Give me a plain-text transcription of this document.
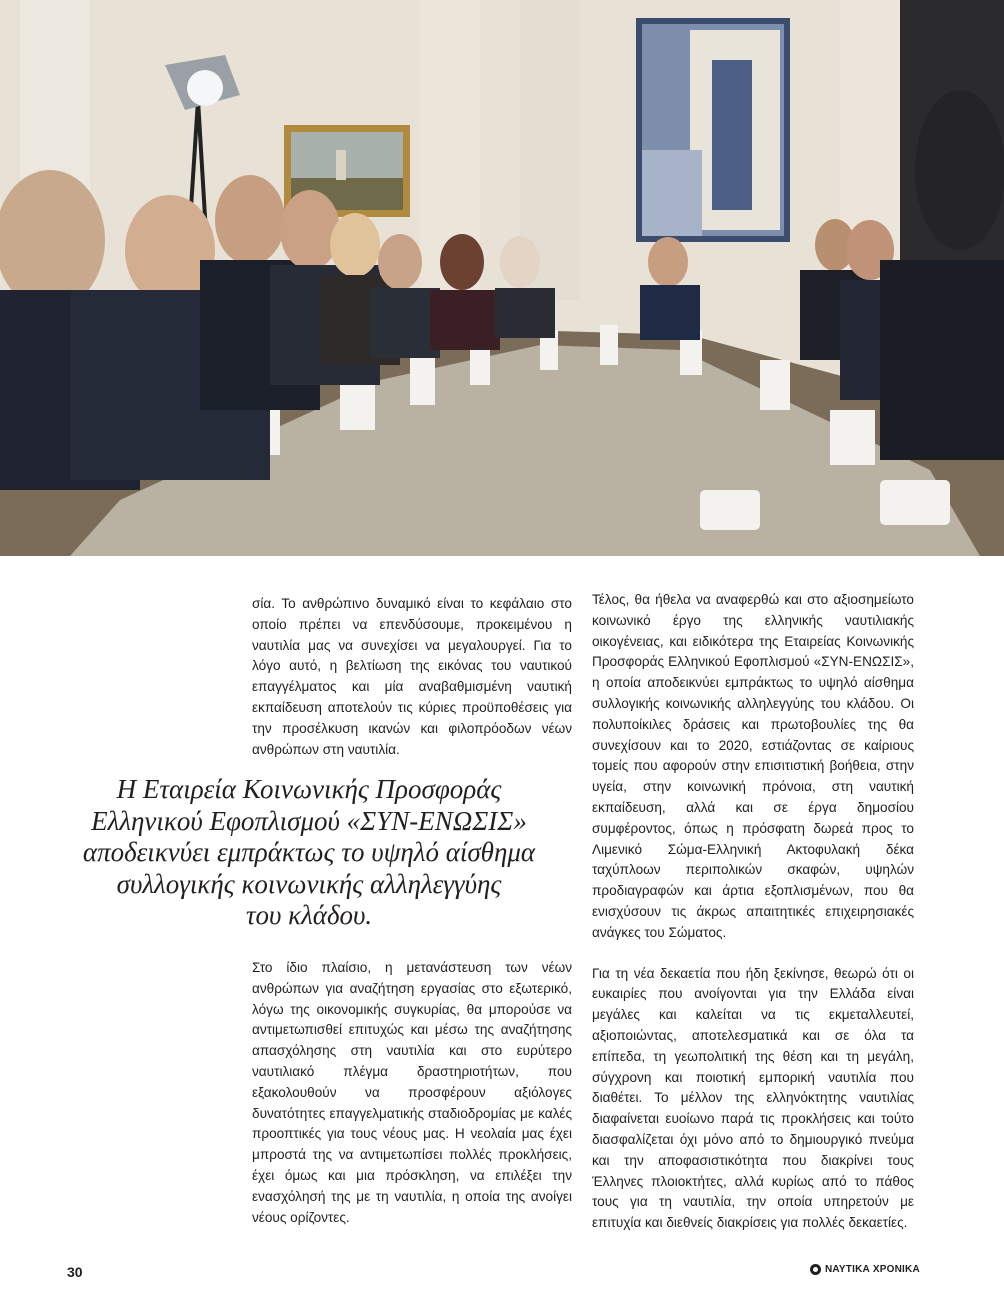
σία. Το ανθρώπινο δυναμικό είναι το κεφάλαιο στο οποίο πρέπει να επενδύσουμε, προκειμένου η ναυτιλία μας να συνεχίσει να μεγαλουργεί. Για το λόγο αυτό, η βελτίωση της εικόνας του ναυτικού επαγγέλματος και μία αναβαθμισμένη ναυτική εκπαίδευση αποτελούν τις κύριες προϋποθέσεις για την προσέλκυση ικανών και φιλοπρόοδων νέων ανθρώπων στη ναυτιλία.

Η Εταιρεία Κοινωνικής Προσφοράς
Ελληνικού Εφοπλισμού «ΣΥΝ-ΕΝΩΣΙΣ»
αποδεικνύει εμπράκτως το υψηλό αίσθημα
συλλογικής κοινωνικής αλληλεγγύης
του κλάδου.

Στο ίδιο πλαίσιο, η μετανάστευση των νέων ανθρώπων για αναζήτηση εργασίας στο εξωτερικό, λόγω της οικονομικής συγκυρίας, θα μπορούσε να αντιμετωπισθεί επιτυχώς και μέσω της αναζήτησης απασχόλησης στη ναυτιλία και στο ευρύτερο ναυτιλιακό πλέγμα δραστηριοτήτων, που εξακολουθούν να προσφέρουν αξιόλογες δυνατότητες επαγγελματικής σταδιοδρομίας με καλές προοπτικές για τους νέους μας. Η νεολαία μας έχει μπροστά της να αντιμετωπίσει πολλές προκλήσεις, έχει όμως και μια πρόσκληση, να επιλέξει την ενασχόλησή της με τη ναυτιλία, η οποία της ανοίγει νέους ορίζοντες.

Τέλος, θα ήθελα να αναφερθώ και στο αξιοσημείωτο κοινωνικό έργο της ελληνικής ναυτιλιακής οικογένειας, και ειδικότερα της Εταιρείας Κοινωνικής Προσφοράς Ελληνικού Εφοπλισμού «ΣΥΝ-ΕΝΩΣΙΣ», η οποία αποδεικνύει εμπράκτως το υψηλό αίσθημα συλλογικής κοινωνικής αλληλεγγύης του κλάδου. Οι πολυποίκιλες δράσεις και πρωτοβουλίες της θα συνεχίσουν και το 2020, εστιάζοντας σε καίριους τομείς που αφορούν στην επισιτιστική βοήθεια, στην υγεία, στην κοινωνική πρόνοια, στη ναυτική εκπαίδευση, αλλά και σε έργα δημοσίου συμφέροντος, όπως η πρόσφατη δωρεά προς το Λιμενικό Σώμα-Ελληνική Ακτοφυλακή δέκα ταχύπλοων περιπολικών σκαφών, υψηλών προδιαγραφών και άρτια εξοπλισμένων, που θα ενισχύσουν τις άκρως απαιτητικές επιχειρησιακές ανάγκες του Σώματος.

Για τη νέα δεκαετία που ήδη ξεκίνησε, θεωρώ ότι οι ευκαιρίες που ανοίγονται για την Ελλάδα είναι μεγάλες και καλείται να τις εκμεταλλευτεί, αξιοποιώντας, αποτελεσματικά και σε όλα τα επίπεδα, τη γεωπολιτική της θέση και τη μεγάλη, σύγχρονη και ποιοτική εμπορική ναυτιλία που διαθέτει. Το μέλλον της ελληνόκτητης ναυτιλίας διαφαίνεται ευοίωνο παρά τις προκλήσεις και τούτο διασφαλίζεται όχι μόνο από το δημιουργικό πνεύμα και την αποφασιστικότητα που διακρίνει τους Έλληνες πλοιοκτήτες, αλλά κυρίως από το πάθος τους για τη ναυτιλία, την οποία υπηρετούν με επιτυχία και διεθνείς διακρίσεις για πολλές δεκαετίες.

30	ΝΑΥΤΙΚΑ ΧΡΟΝΙΚΑ
